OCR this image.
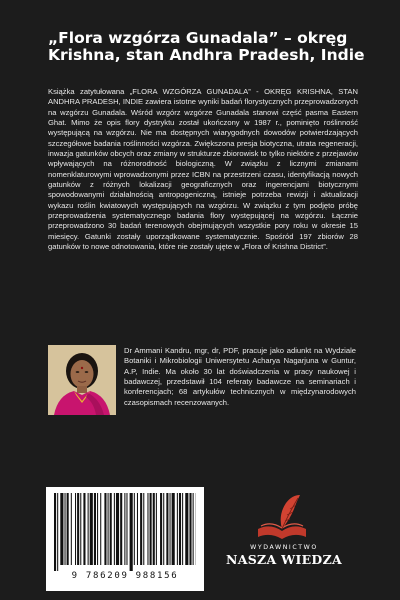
„Flora wzgórza Gunadala” – okręg Krishna, stan Andhra Pradesh, Indie

Książka zatytułowana „FLORA WZGÓRZA GUNADALA” - OKRĘG KRISHNA, STAN ANDHRA PRADESH, INDIE zawiera istotne wyniki badań florystycznych przeprowadzonych na wzgórzu Gunadala. Wśród wzgórz wzgórze Gunadala stanowi część pasma Eastern Ghat. Mimo że opis flory dystryktu został ukończony w 1987 r., pominięto roślinność występującą na wzgórzu. Nie ma dostępnych wiarygodnych dowodów potwierdzających szczegółowe badania roślinności wzgórza. Zwiększona presja biotyczna, utrata regeneracji, inwazja gatunków obcych oraz zmiany w strukturze zbiorowisk to tylko niektóre z przejawów wpływających na różnorodność biologiczną. W związku z licznymi zmianami nomenklaturowymi wprowadzonymi przez ICBN na przestrzeni czasu, identyfikacją nowych gatunków z różnych lokalizacji geograficznych oraz ingerencjami biotycznymi spowodowanymi działalnością antropogeniczną, istnieje potrzeba rewizji i aktualizacji wykazu roślin kwiatowych występujących na wzgórzu. W związku z tym podjęto próbę przeprowadzenia systematycznego badania flory występującej na wzgórzu. Łącznie przeprowadzono 30 badań terenowych obejmujących wszystkie pory roku w okresie 15 miesięcy. Gatunki zostały uporządkowane systematycznie. Spośród 197 zbiorów 28 gatunków to nowe odnotowania, które nie zostały ujęte w „Flora of Krishna District”.

Dr Ammani Kandru, mgr, dr, PDF, pracuje jako adiunkt na Wydziale Botaniki i Mikrobiologii Uniwersytetu Acharya Nagarjuna w Guntur, A.P, Indie. Ma około 30 lat doświadczenia w pracy naukowej i badawczej, przedstawił 104 referaty badawcze na seminariach i konferencjach; 68 artykułów technicznych w międzynarodowych czasopismach recenzowanych.

9 786209 988156
WYDAWNICTWO
NASZA WIEDZA
